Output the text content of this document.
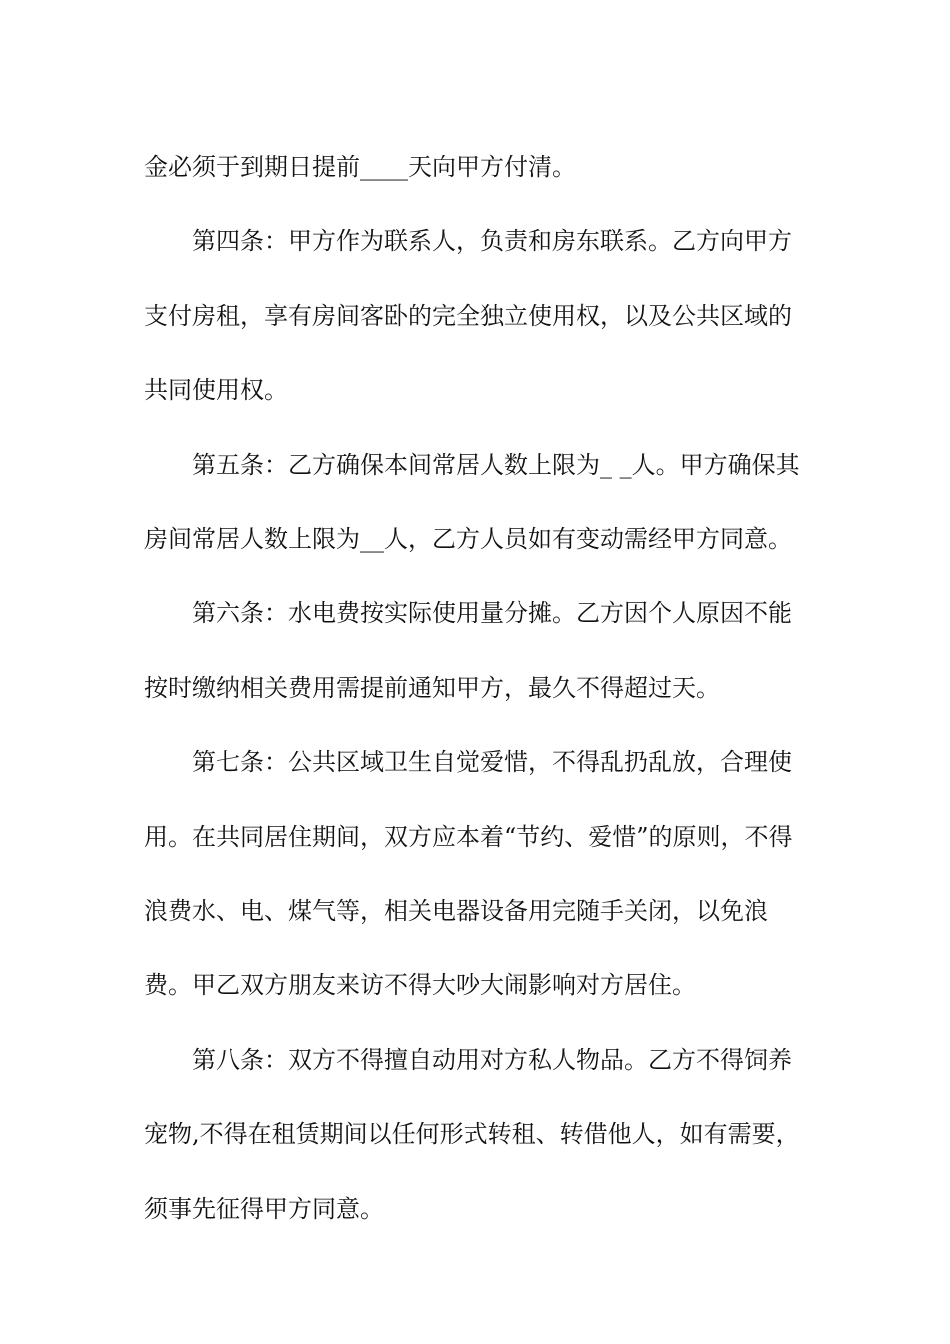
金必须于到期日提前____天向甲方付清。

第四条：甲方作为联系人，负责和房东联系。乙方向甲方支付房租，享有房间客卧的完全独立使用权，以及公共区域的共同使用权。

第五条：乙方确保本间常居人数上限为_ _人。甲方确保其房间常居人数上限为__人，乙方人员如有变动需经甲方同意。

第六条：水电费按实际使用量分摊。乙方因个人原因不能按时缴纳相关费用需提前通知甲方，最久不得超过天。

第七条：公共区域卫生自觉爱惜，不得乱扔乱放，合理使用。在共同居住期间，双方应本着“节约、爱惜”的原则，不得浪费水、电、煤气等，相关电器设备用完随手关闭，以免浪费。甲乙双方朋友来访不得大吵大闹影响对方居住。

第八条：双方不得擅自动用对方私人物品。乙方不得饲养宠物,不得在租赁期间以任何形式转租、转借他人，如有需要，须事先征得甲方同意。
